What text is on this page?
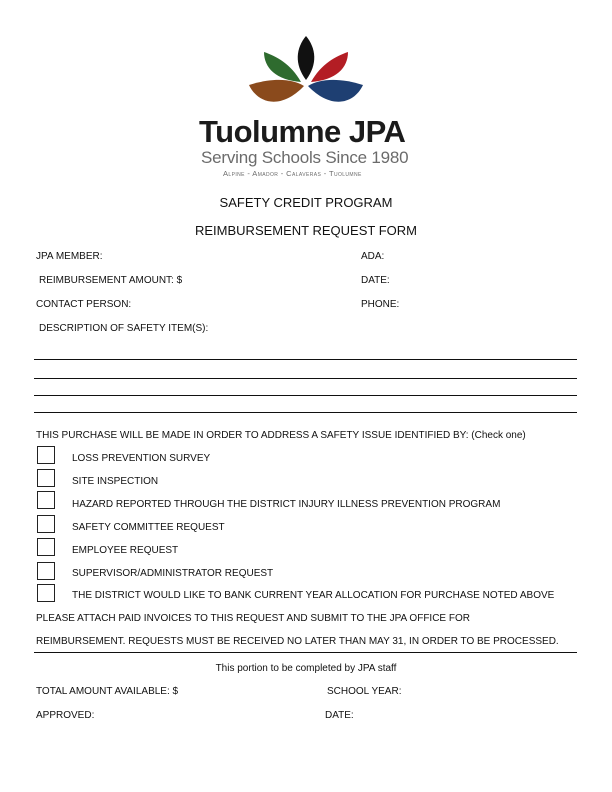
Tuolumne JPA
Serving Schools Since 1980
Alpine - Amador - Calaveras - Tuolumne
SAFETY CREDIT PROGRAM
REIMBURSEMENT REQUEST FORM
JPA MEMBER:	ADA:
REIMBURSEMENT AMOUNT: $	DATE:
CONTACT PERSON:	PHONE:
DESCRIPTION OF SAFETY ITEM(S):
THIS PURCHASE WILL BE MADE IN ORDER TO ADDRESS A SAFETY ISSUE IDENTIFIED BY: (Check one)
LOSS PREVENTION SURVEY
SITE INSPECTION
HAZARD REPORTED THROUGH THE DISTRICT INJURY ILLNESS PREVENTION PROGRAM
SAFETY COMMITTEE REQUEST
EMPLOYEE REQUEST
SUPERVISOR/ADMINISTRATOR REQUEST
THE DISTRICT WOULD LIKE TO BANK CURRENT YEAR ALLOCATION FOR PURCHASE NOTED ABOVE
PLEASE ATTACH PAID INVOICES TO THIS REQUEST AND SUBMIT TO THE JPA OFFICE FOR
REIMBURSEMENT. REQUESTS MUST BE RECEIVED NO LATER THAN MAY 31, IN ORDER TO BE PROCESSED.
This portion to be completed by JPA staff
TOTAL AMOUNT AVAILABLE: $	SCHOOL YEAR:
APPROVED:	DATE:
